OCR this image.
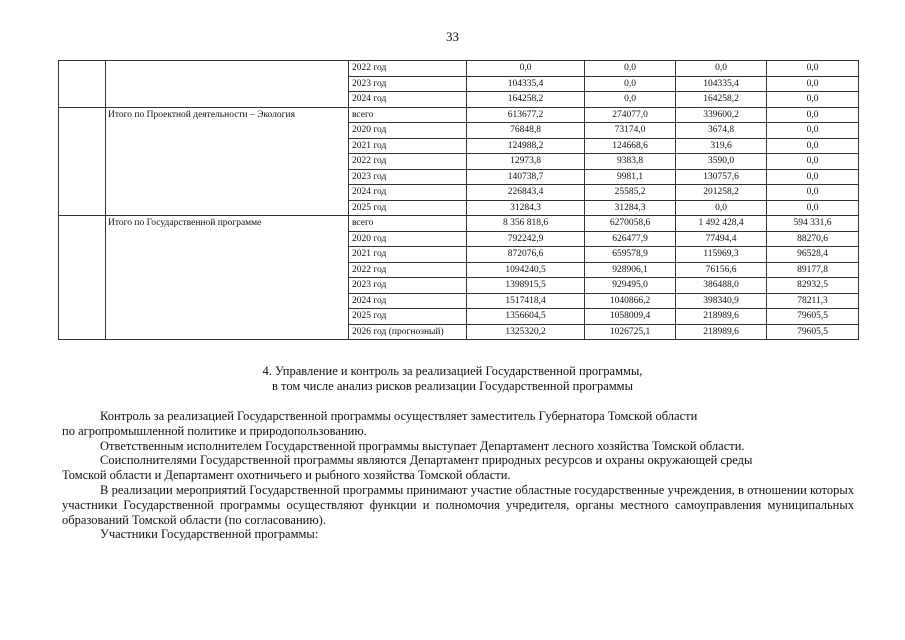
33
		2022 год	0,0	0,0	0,0	0,0
		2023 год	104335,4	0,0	104335,4	0,0
		2024 год	164258,2	0,0	164258,2	0,0
	Итого по Проектной деятельности – Экология	всего	613677,2	274077,0	339600,2	0,0
		2020 год	76848,8	73174,0	3674,8	0,0
		2021 год	124988,2	124668,6	319,6	0,0
		2022 год	12973,8	9383,8	3590,0	0,0
		2023 год	140738,7	9981,1	130757,6	0,0
		2024 год	226843,4	25585,2	201258,2	0,0
		2025 год	31284,3	31284,3	0,0	0,0
	Итого по Государственной программе	всего	8 356 818,6	6270058,6	1 492 428,4	594 331,6
		2020 год	792242,9	626477,9	77494,4	88270,6
		2021 год	872076,6	659578,9	115969,3	96528,4
		2022 год	1094240,5	928906,1	76156,6	89177,8
		2023 год	1398915,5	929495,0	386488,0	82932,5
		2024 год	1517418,4	1040866,2	398340,9	78211,3
		2025 год	1356604,5	1058009,4	218989,6	79605,5
		2026 год (прогнозный)	1325320,2	1026725,1	218989,6	79605,5
4. Управление и контроль за реализацией Государственной программы,
в том числе анализ рисков реализации Государственной программы

Контроль за реализацией Государственной программы осуществляет заместитель Губернатора Томской области
по агропромышленной политике и природопользованию.

Ответственным исполнителем Государственной программы выступает Департамент лесного хозяйства Томской области.

Соисполнителями Государственной программы являются Департамент природных ресурсов и охраны окружающей среды
Томской области и Департамент охотничьего и рыбного хозяйства Томской области.

В реализации мероприятий Государственной программы принимают участие областные государственные учреждения, в отношении которых участники Государственной программы осуществляют функции и полномочия учредителя, органы местного самоуправления муниципальных образований Томской области (по согласованию).

Участники Государственной программы:
